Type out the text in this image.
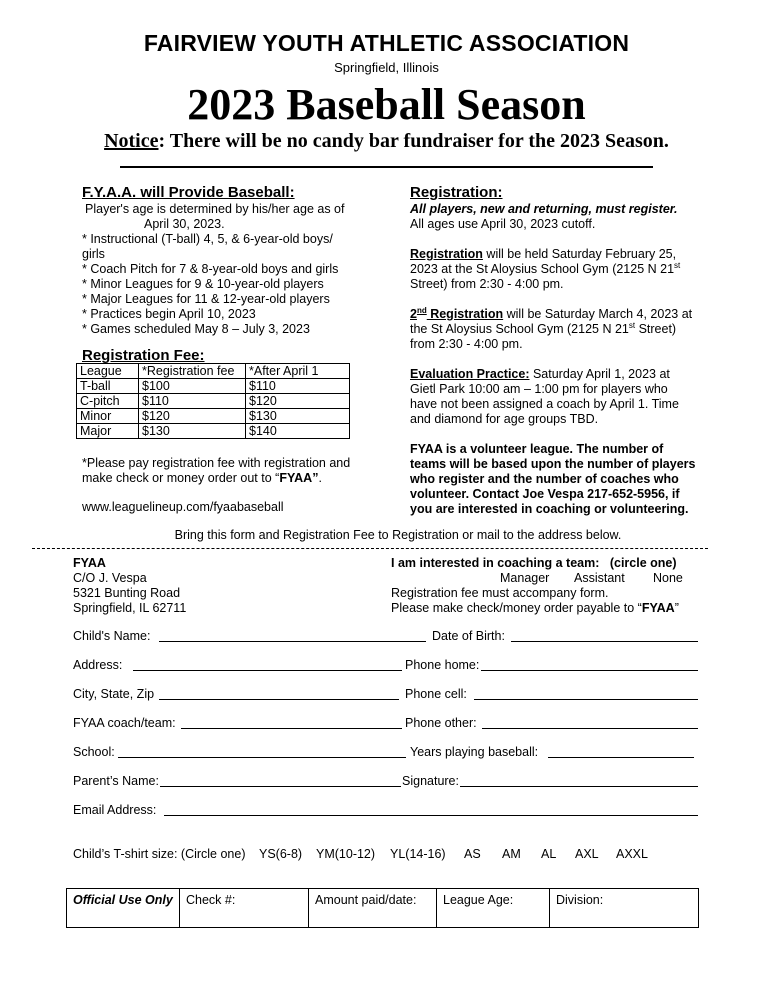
FAIRVIEW YOUTH ATHLETIC ASSOCIATION
Springfield, Illinois
2023 Baseball Season
Notice: There will be no candy bar fundraiser for the 2023 Season.
F.Y.A.A. will Provide Baseball:
Player's age is determined by his/her age as of
April 30, 2023.
* Instructional (T-ball) 4, 5, & 6-year-old boys/
girls
* Coach Pitch for 7 & 8-year-old boys and girls
* Minor Leagues for 9 & 10-year-old players
* Major Leagues for 11 & 12-year-old players
* Practices begin April 10, 2023
* Games scheduled May 8 – July 3, 2023
Registration Fee:
League	*Registration fee	*After April 1
T-ball	$100	$110
C-pitch	$110	$120
Minor	$120	$130
Major	$130	$140
*Please pay registration fee with registration and
make check or money order out to “FYAA”.
www.leaguelineup.com/fyaabaseball
Registration:
All players, new and returning, must register.
All ages use April 30, 2023 cutoff.
Registration will be held Saturday February 25,
2023 at the St Aloysius School Gym (2125 N 21st
Street) from 2:30 - 4:00 pm.
2nd Registration will be Saturday March 4, 2023 at
the St Aloysius School Gym (2125 N 21st Street)
from 2:30 - 4:00 pm.
Evaluation Practice: Saturday April 1, 2023 at
Gietl Park 10:00 am – 1:00 pm for players who
have not been assigned a coach by April 1. Time
and diamond for age groups TBD.
FYAA is a volunteer league. The number of
teams will be based upon the number of players
who register and the number of coaches who
volunteer. Contact Joe Vespa 217-652-5956, if
you are interested in coaching or volunteering.
Bring this form and Registration Fee to Registration or mail to the address below.
FYAA
C/O J. Vespa
5321 Bunting Road
Springfield, IL 62711
I am interested in coaching a team: (circle one)
Manager Assistant None
Registration fee must accompany form.
Please make check/money order payable to “FYAA”
Child's Name:	Date of Birth:
Address:	Phone home:
City, State, Zip	Phone cell:
FYAA coach/team:	Phone other:
School:	Years playing baseball:
Parent’s Name:	Signature:
Email Address:
Child’s T-shirt size: (Circle one) YS(6-8) YM(10-12) YL(14-16) AS AM AL AXL AXXL
Official Use Only	Check #:	Amount paid/date:	League Age:	Division:
